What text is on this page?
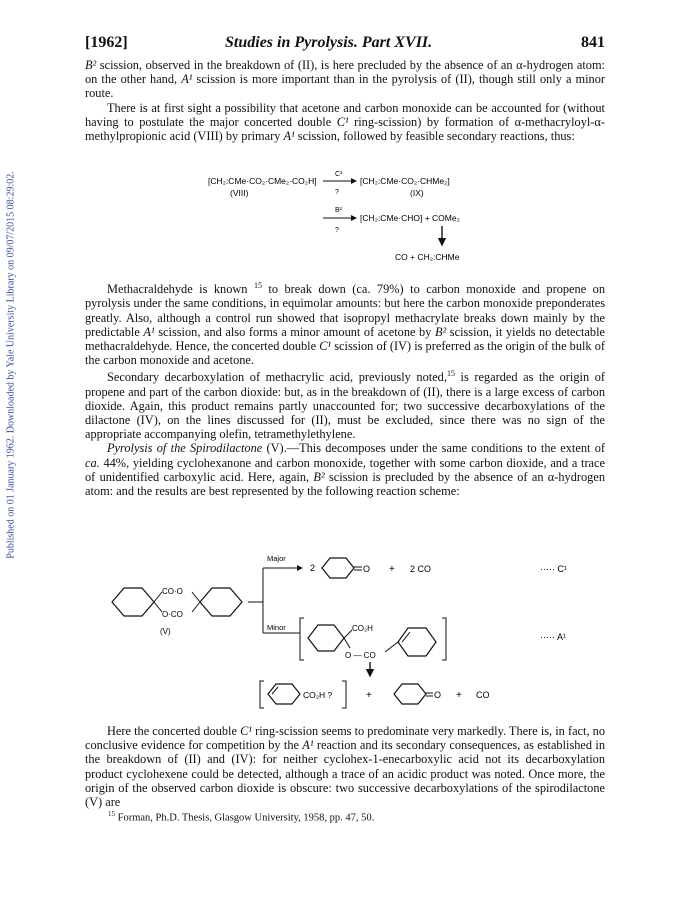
Published on 01 January 1962. Downloaded by Yale University Library on 09/07/2015 08:29:02.
[1962]	Studies in Pyrolysis. Part XVII.	841

B² scission, observed in the breakdown of (II), is here precluded by the absence of an α-hydrogen atom: on the other hand, A¹ scission is more important than in the pyrolysis of (II), though still only a minor route.

There is at first sight a possibility that acetone and carbon monoxide can be accounted for (without having to postulate the major concerted double C¹ ring-scission) by formation of α-methacryloyl-α-methylpropionic acid (VIII) by primary A¹ scission, followed by feasible secondary reactions, thus:

[CH₂:CMe·CO₂·CMe₂·CO₂H]
(VIII)
C¹
?
[CH₂:CMe·CO₂·CHMe₂]
(IX)
B²
?
[CH₂:CMe·CHO] + COMe₂
CO + CH₂:CHMe

Methacraldehyde is known $^{15}$ to break down (ca. 79%) to carbon monoxide and propene on pyrolysis under the same conditions, in equimolar amounts: but here the carbon monoxide preponderates greatly. Also, although a control run showed that isopropyl methacrylate breaks down mainly by the predictable A¹ scission, and also forms a minor amount of acetone by B² scission, it yields no detectable methacraldehyde. Hence, the concerted double C¹ scission of (IV) is preferred as the origin of the bulk of the carbon monoxide and acetone.

Secondary decarboxylation of methacrylic acid, previously noted,$^{15}$ is regarded as the origin of propene and part of the carbon dioxide: but, as in the breakdown of (II), there is a large excess of carbon dioxide. Again, this product remains partly unaccounted for; two successive decarboxylations of the dilactone (IV), on the lines discussed for (II), must be excluded, since there was no sign of the appropriate accompanying olefin, tetramethylethylene.

Pyrolysis of the Spirodilactone (V).—This decomposes under the same conditions to the extent of ca. 44%, yielding cyclohexanone and carbon monoxide, together with some carbon dioxide, and a trace of unidentified carboxylic acid. Here, again, B² scission is precluded by the absence of an α-hydrogen atom: and the results are best represented by the following reaction scheme:

CO·O
O·CO
(V)
Major
Minor
2	O + 2 CO	····· C¹
CO₂H
O — CO
····· A¹
CO₂H ?	+	O + CO

Here the concerted double C¹ ring-scission seems to predominate very markedly. There is, in fact, no conclusive evidence for competition by the A¹ reaction and its secondary consequences, as established in the breakdown of (II) and (IV): for neither cyclohex-1-enecarboxylic acid not its decarboxylation product cyclohexene could be detected, although a trace of an acidic product was noted. Once more, the origin of the observed carbon dioxide is obscure: two successive decarboxylations of the spirodilactone (V) are

$^{15}$ Forman, Ph.D. Thesis, Glasgow University, 1958, pp. 47, 50.
